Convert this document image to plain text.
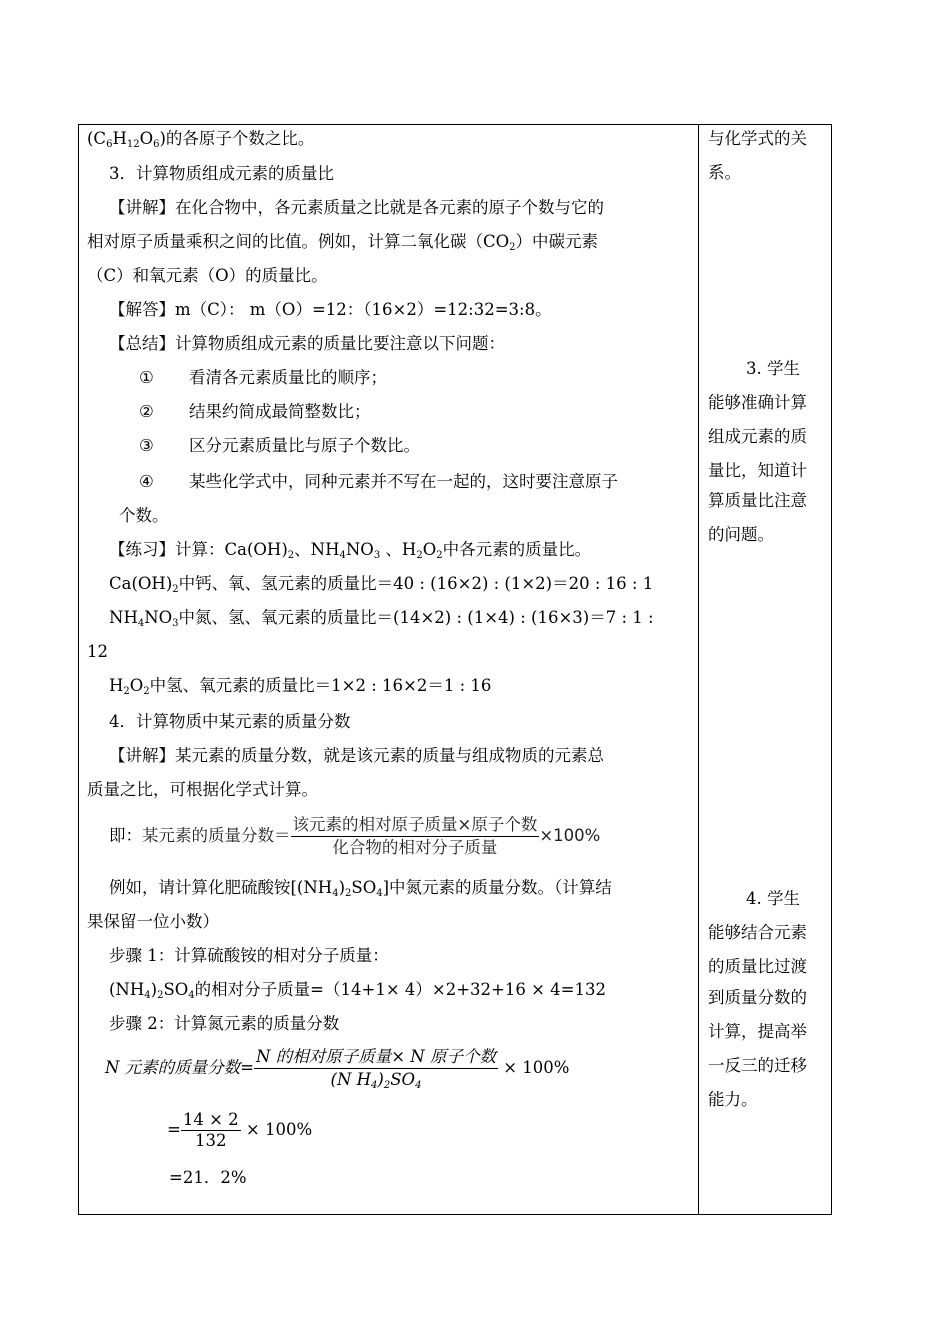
$(C_6H_{12}O_6)$的各原子个数之比。
3．计算物质组成元素的质量比
【讲解】在化合物中，各元素质量之比就是各元素的原子个数与它的
相对原子质量乘积之间的比值。例如，计算二氧化碳$(CO_2)$中碳元素
（C）和氧元素（O）的质量比。
【解答】m（C）： m（O）=12：（16×2）=12:32=3:8。
【总结】计算物质组成元素的质量比要注意以下问题：
① 看清各元素质量比的顺序；
② 结果约简成最简整数比；
③ 区分元素质量比与原子个数比。
④ 某些化学式中，同种元素并不写在一起的，这时要注意原子
个数。
【练习】计算：$Ca(OH)_2$、$NH_4NO_3$ 、$H_2O_2$中各元素的质量比。
$Ca(OH)_2$中钙、氧、氢元素的质量比＝40 : (16×2) : (1×2)＝20 : 16 : 1
$NH_4NO_3$中氮、氢、氧元素的质量比＝(14×2) : (1×4) : (16×3)＝7 : 1 :
12
$H_2O_2$中氢、氧元素的质量比＝1×2 : 16×2＝1 : 16
4．计算物质中某元素的质量分数
【讲解】某元素的质量分数，就是该元素的质量与组成物质的元素总
质量之比，可根据化学式计算。
即：某元素的质量分数＝ $\frac{\text{该元素的相对原子质量×原子个数}}{\text{化合物的相对分子质量}} \times 100\%$
例如，请计算化肥硫酸铵$[(NH_4)_2SO_4]$中氮元素的质量分数。（计算结
果保留一位小数）
步骤 1：计算硫酸铵的相对分子质量：
$(NH_4)_2SO_4$的相对分子质量=（14+1× 4）×2+32+16 × 4=132
步骤 2：计算氮元素的质量分数
N 元素的质量分数= $\frac{\text{N 的相对原子质量× N 原子个数}}{(N H_4)_2SO_4} \times 100\%$
= $\frac{14 \times 2}{132} \times 100\%$
=21．2%
与化学式的关
系。
3. 学生
能够准确计算
组成元素的质
量比，知道计
算质量比注意
的问题。
4. 学生
能够结合元素
的质量比过渡
到质量分数的
计算，提高举
一反三的迁移
能力。
